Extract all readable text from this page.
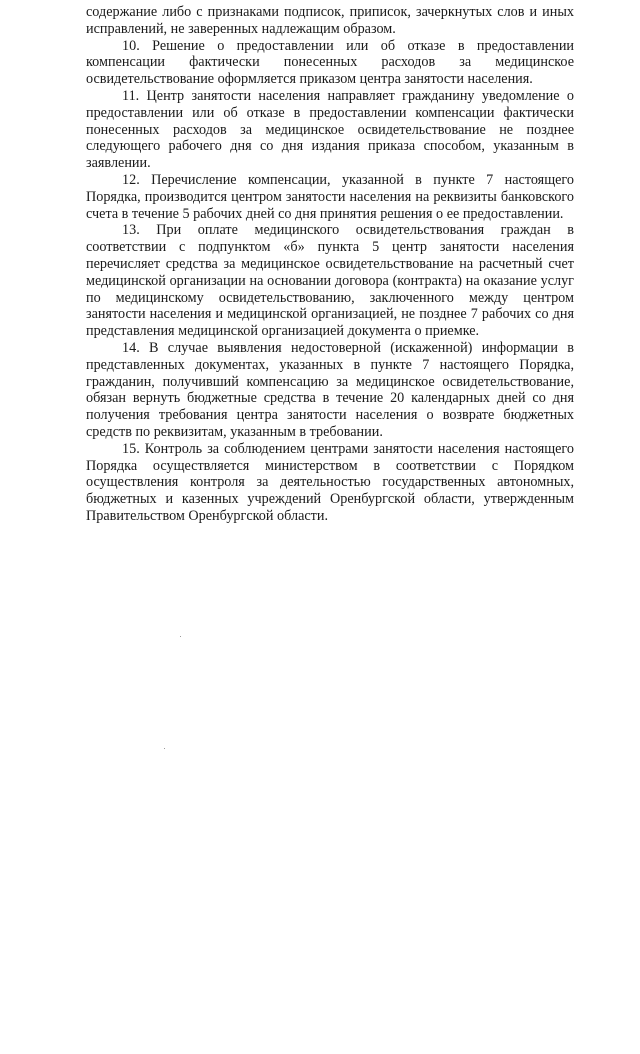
содержание либо с признаками подписок, приписок, зачеркнутых слов и иных исправлений, не заверенных надлежащим образом.

10. Решение о предоставлении или об отказе в предоставлении компенсации фактически понесенных расходов за медицинское освидетельствование оформляется приказом центра занятости населения.

11. Центр занятости населения направляет гражданину уведомление о предоставлении или об отказе в предоставлении компенсации фактически понесенных расходов за медицинское освидетельствование не позднее следующего рабочего дня со дня издания приказа способом, указанным в заявлении.

12. Перечисление компенсации, указанной в пункте 7 настоящего Порядка, производится центром занятости населения на реквизиты банковского счета в течение 5 рабочих дней со дня принятия решения о ее предоставлении.

13. При оплате медицинского освидетельствования граждан в соответствии с подпунктом «б» пункта 5 центр занятости населения перечисляет средства за медицинское освидетельствование на расчетный счет медицинской организации на основании договора (контракта) на оказание услуг по медицинскому освидетельствованию, заключенного между центром занятости населения и медицинской организацией, не позднее 7 рабочих со дня представления медицинской организацией документа о приемке.

14. В случае выявления недостоверной (искаженной) информации в представленных документах, указанных в пункте 7 настоящего Порядка, гражданин, получивший компенсацию за медицинское освидетельствование, обязан вернуть бюджетные средства в течение 20 календарных дней со дня получения требования центра занятости населения о возврате бюджетных средств по реквизитам, указанным в требовании.

15. Контроль за соблюдением центрами занятости населения настоящего Порядка осуществляется министерством в соответствии с Порядком осуществления контроля за деятельностью государственных автономных, бюджетных и казенных учреждений Оренбургской области, утвержденным Правительством Оренбургской области.
